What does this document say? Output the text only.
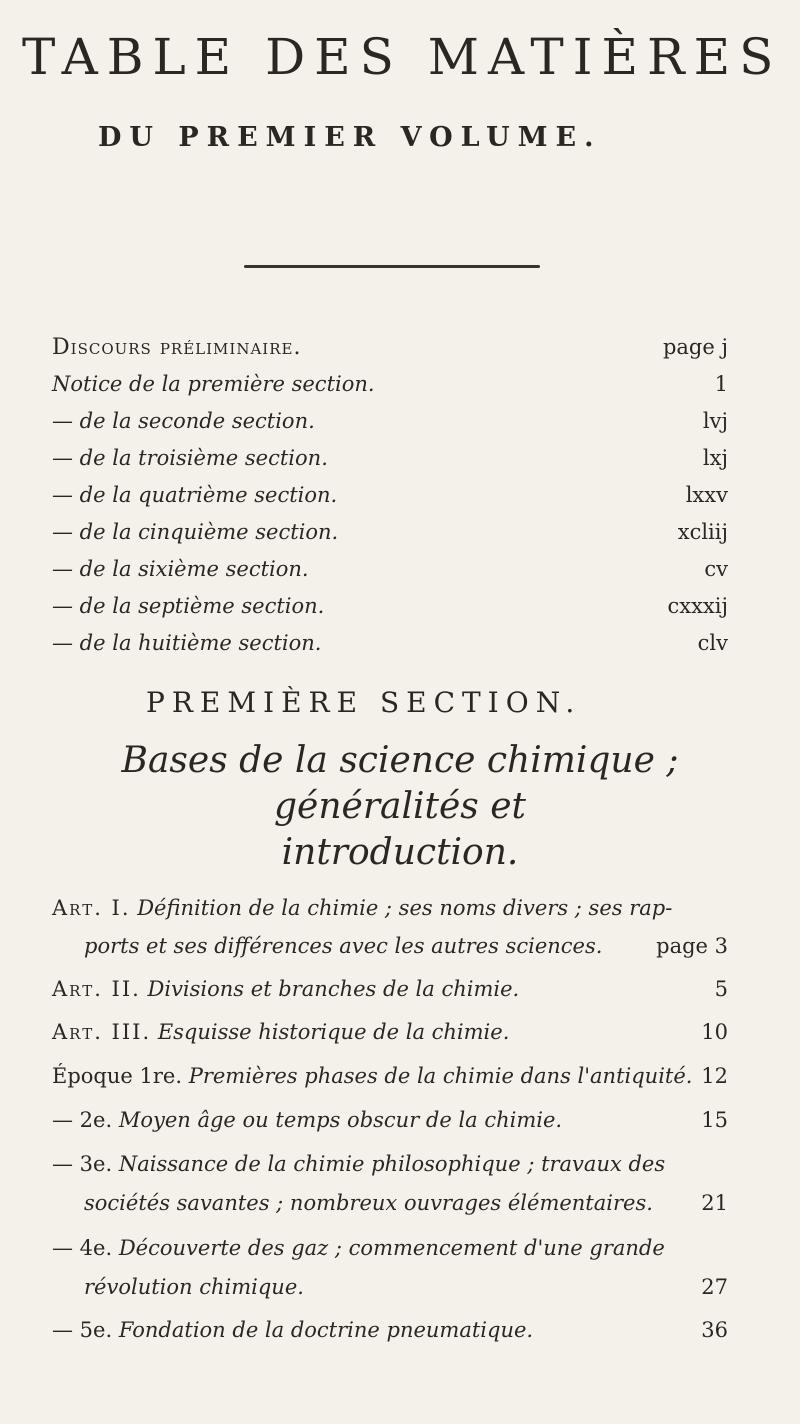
TABLE DES MATIÈRES
DU PREMIER VOLUME.
Discours préliminaire.	page j
Notice de la première section.	1
— de la seconde section.	lvj
— de la troisième section.	lxj
— de la quatrième section.	lxxv
— de la cinquième section.	xcliij
— de la sixième section.	cv
— de la septième section.	cxxxij
— de la huitième section.	clv
PREMIÈRE SECTION.
Bases de la science chimique ; généralités et
introduction.
Art. I. Définition de la chimie ; ses noms divers ; ses rap-
ports et ses différences avec les autres sciences.	page 3
Art. II. Divisions et branches de la chimie.	5
Art. III. Esquisse historique de la chimie.	10
Époque 1re. Premières phases de la chimie dans l'antiquité. 12
— 2e. Moyen âge ou temps obscur de la chimie.	15
— 3e. Naissance de la chimie philosophique ; travaux des
sociétés savantes ; nombreux ouvrages élémentaires. 21
— 4e. Découverte des gaz ; commencement d'une grande
révolution chimique.	27
— 5e. Fondation de la doctrine pneumatique.	36
